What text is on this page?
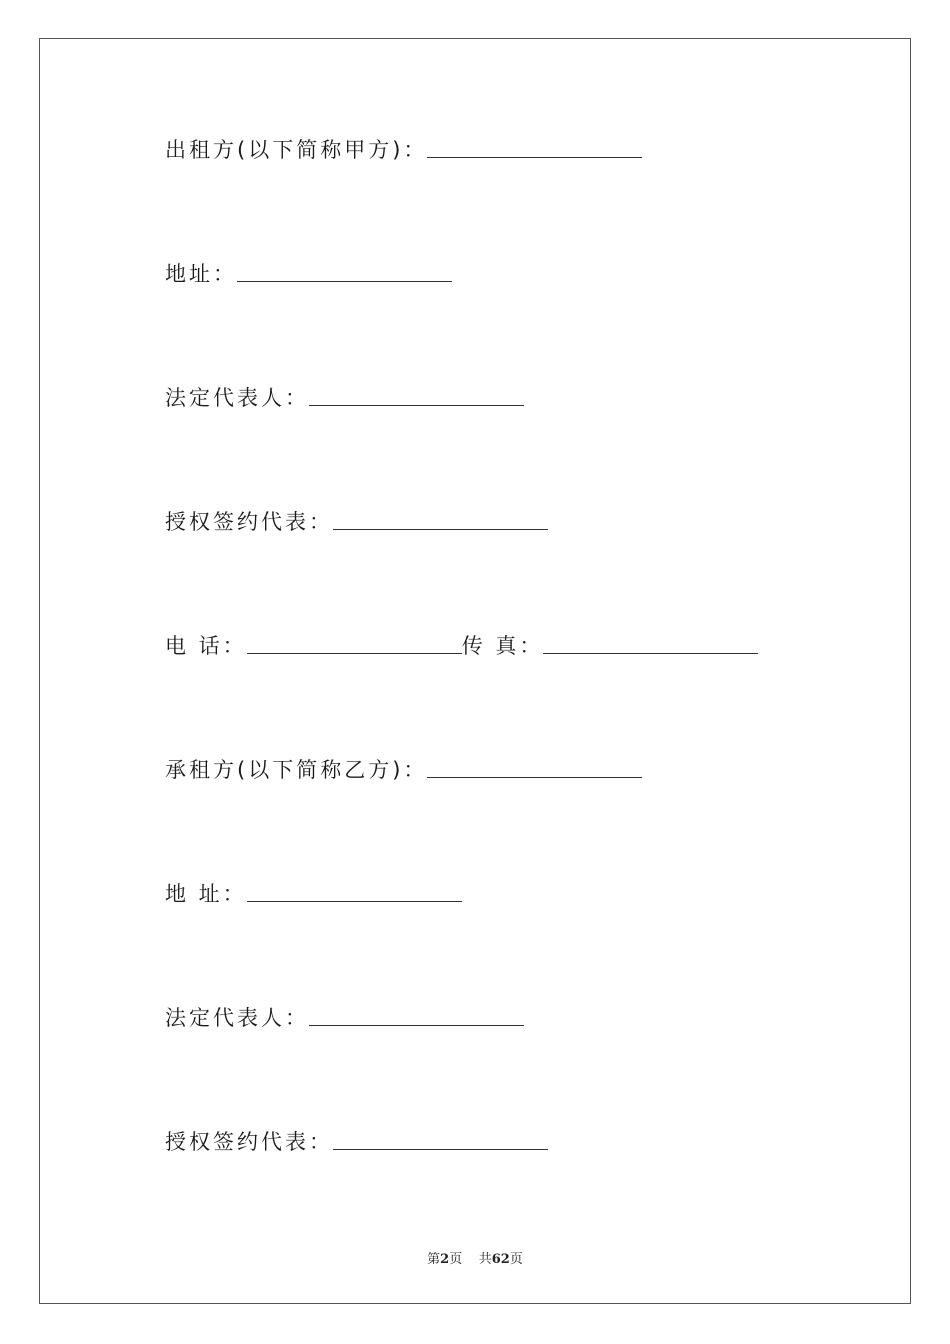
出租方(以下简称甲方)：
地址：
法定代表人：
授权签约代表：
电 话：	传 真：
承租方(以下简称乙方)：
地 址：
法定代表人：
授权签约代表：
第2页 共62页
